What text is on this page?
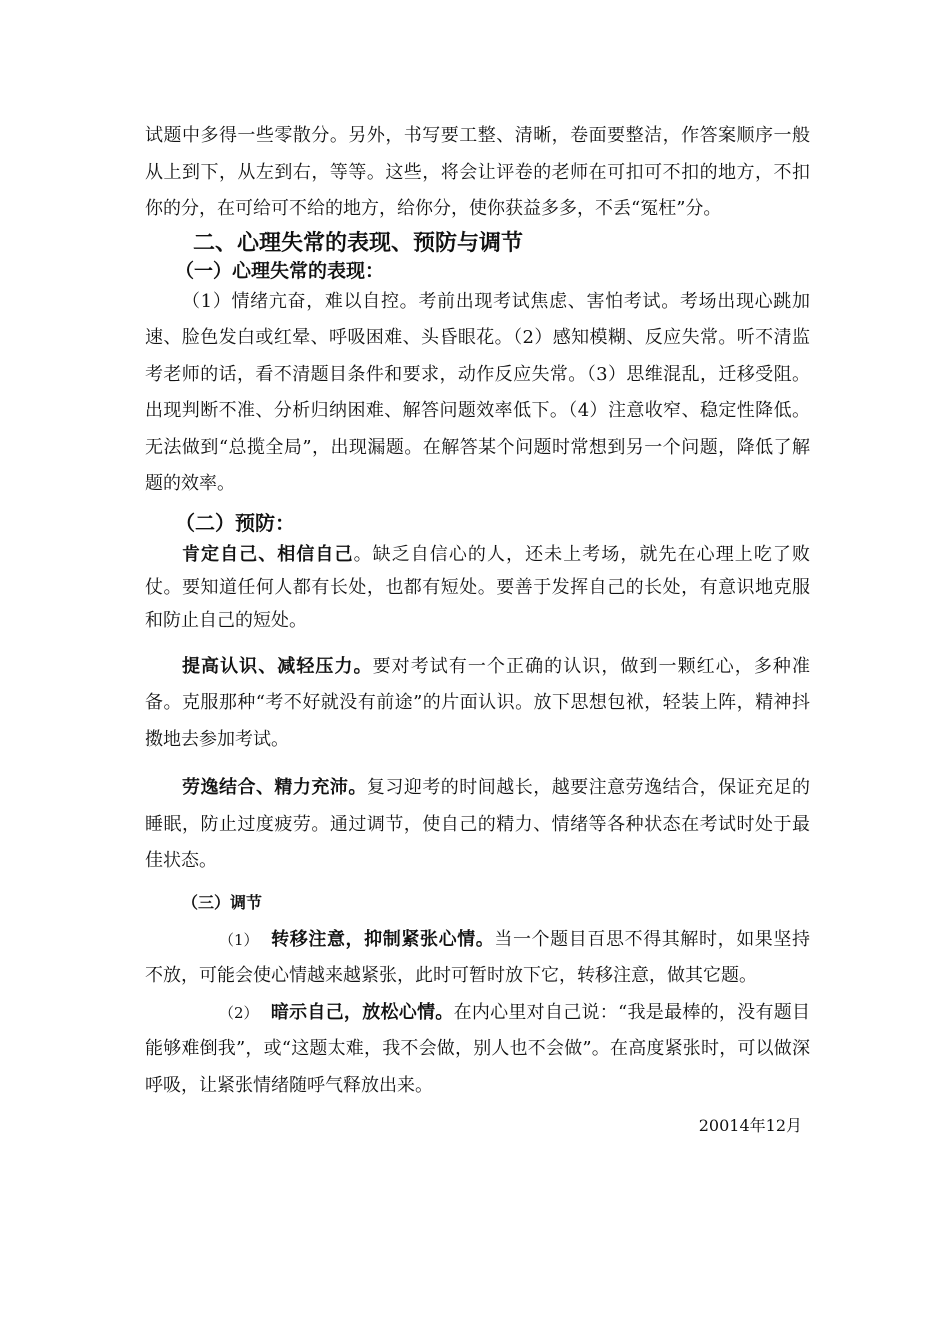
试题中多得一些零散分。另外，书写要工整、清晰，卷面要整洁，作答案顺序一般从上到下，从左到右，等等。这些，将会让评卷的老师在可扣可不扣的地方，不扣你的分，在可给可不给的地方，给你分，使你获益多多，不丢“冤枉”分。

二、心理失常的表现、预防与调节
（一）心理失常的表现：

（1）情绪亢奋，难以自控。考前出现考试焦虑、害怕考试。考场出现心跳加速、脸色发白或红晕、呼吸困难、头昏眼花。（2）感知模糊、反应失常。听不清监考老师的话，看不清题目条件和要求，动作反应失常。（3）思维混乱，迁移受阻。出现判断不准、分析归纳困难、解答问题效率低下。（4）注意收窄、稳定性降低。无法做到“总揽全局”，出现漏题。在解答某个问题时常想到另一个问题，降低了解题的效率。

（二）预防：

肯定自己、相信自己。缺乏自信心的人，还未上考场，就先在心理上吃了败仗。要知道任何人都有长处，也都有短处。要善于发挥自己的长处，有意识地克服和防止自己的短处。

提高认识、减轻压力。要对考试有一个正确的认识，做到一颗红心，多种准备。克服那种“考不好就没有前途”的片面认识。放下思想包袱，轻装上阵，精神抖擞地去参加考试。

劳逸结合、精力充沛。复习迎考的时间越长，越要注意劳逸结合，保证充足的睡眠，防止过度疲劳。通过调节，使自己的精力、情绪等各种状态在考试时处于最佳状态。

（三）调节

（1） 转移注意，抑制紧张心情。当一个题目百思不得其解时，如果坚持不放，可能会使心情越来越紧张，此时可暂时放下它，转移注意，做其它题。

（2） 暗示自己，放松心情。在内心里对自己说：“我是最棒的，没有题目能够难倒我”，或“这题太难，我不会做，别人也不会做”。在高度紧张时，可以做深呼吸，让紧张情绪随呼气释放出来。

20014年12月
